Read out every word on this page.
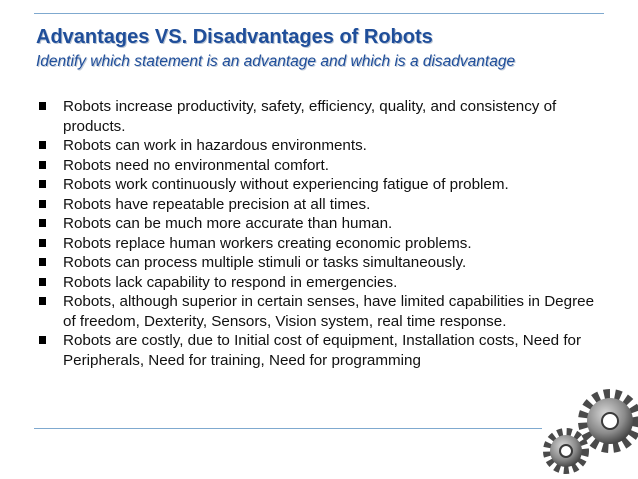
Advantages VS. Disadvantages of Robots
Identify which statement is an advantage and which is a disadvantage
Robots increase productivity, safety, efficiency, quality, and consistency of products.
Robots can work in hazardous environments.
Robots need no environmental comfort.
Robots work continuously without experiencing fatigue of problem.
Robots have repeatable precision at all times.
Robots can be much more accurate than human.
Robots replace human workers creating economic problems.
Robots can process multiple stimuli or tasks simultaneously.
Robots lack capability to respond in emergencies.
Robots, although superior in certain senses, have limited capabilities in Degree of freedom, Dexterity, Sensors, Vision system, real time response.
Robots are costly, due to Initial cost of equipment, Installation costs, Need for Peripherals, Need for training, Need for programming
